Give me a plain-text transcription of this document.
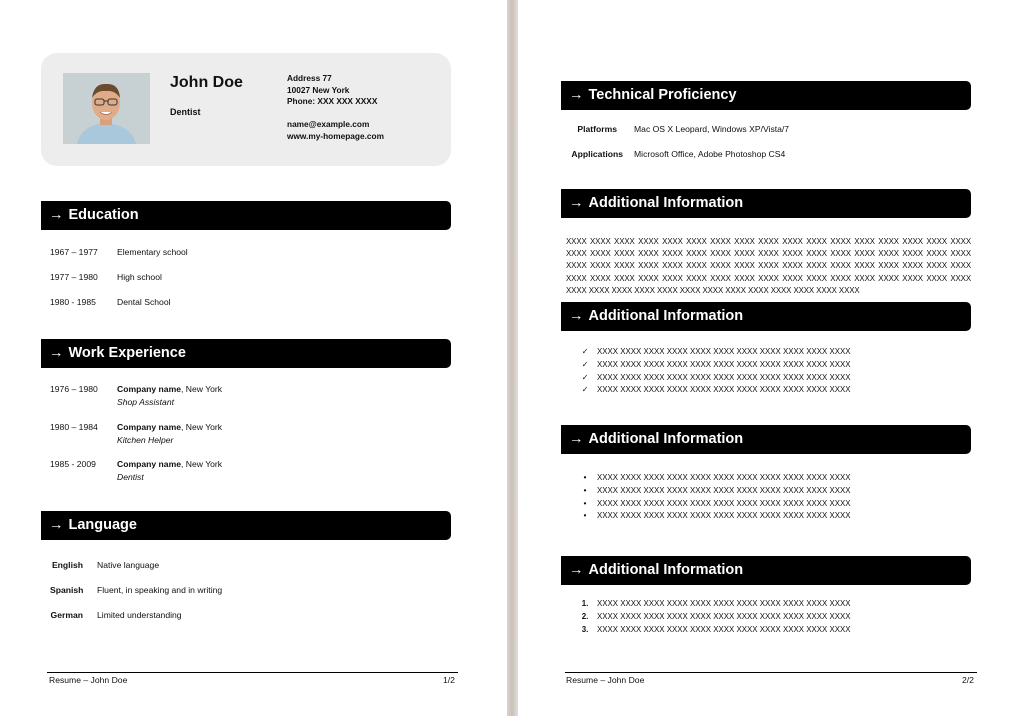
John Doe
Dentist
Address 77
10027 New York
Phone: XXX XXX XXXX
name@example.com
www.my-homepage.com
→ Education
1967 – 1977 Elementary school
1977 – 1980 High school
1980 - 1985 Dental School
→ Work Experience
1976 – 1980 Company name, New York
Shop Assistant
1980 – 1984 Company name, New York
Kitchen Helper
1985 - 2009 Company name, New York
Dentist
→ Language
English Native language
Spanish Fluent, in speaking and in writing
German Limited understanding
Resume – John Doe	1/2
→ Technical Proficiency
Platforms Mac OS X Leopard, Windows XP/Vista/7
Applications Microsoft Office, Adobe Photoshop CS4
→ Additional Information
XXXX XXXX XXXX XXXX XXXX XXXX XXXX XXXX XXXX XXXX XXXX XXXX XXXX XXXX XXXX XXXX XXXX XXXX XXXX XXXX XXXX XXXX XXXX XXXX XXXX XXXX XXXX XXXX XXXX XXXX XXXX XXXX XXXX XXXX XXXX XXXX XXXX XXXX XXXX XXXX XXXX XXXX XXXX XXXX XXXX XXXX XXXX XXXX XXXX XXXX XXXX XXXX XXXX XXXX XXXX XXXX XXXX XXXX XXXX XXXX XXXX XXXX XXXX XXXX XXXX XXXX XXXX XXXX XXXX XXXX XXXX XXXX XXXX XXXX XXXX XXXX XXXX XXXX XXXX XXXX XXXX
→ Additional Information
✓ XXXX XXXX XXXX XXXX XXXX XXXX XXXX XXXX XXXX XXXX XXXX
✓ XXXX XXXX XXXX XXXX XXXX XXXX XXXX XXXX XXXX XXXX XXXX
✓ XXXX XXXX XXXX XXXX XXXX XXXX XXXX XXXX XXXX XXXX XXXX
✓ XXXX XXXX XXXX XXXX XXXX XXXX XXXX XXXX XXXX XXXX XXXX
→ Additional Information
•	XXXX XXXX XXXX XXXX XXXX XXXX XXXX XXXX XXXX XXXX XXXX
•	XXXX XXXX XXXX XXXX XXXX XXXX XXXX XXXX XXXX XXXX XXXX
•	XXXX XXXX XXXX XXXX XXXX XXXX XXXX XXXX XXXX XXXX XXXX
•	XXXX XXXX XXXX XXXX XXXX XXXX XXXX XXXX XXXX XXXX XXXX
→ Additional Information
1. XXXX XXXX XXXX XXXX XXXX XXXX XXXX XXXX XXXX XXXX XXXX
2. XXXX XXXX XXXX XXXX XXXX XXXX XXXX XXXX XXXX XXXX XXXX
3. XXXX XXXX XXXX XXXX XXXX XXXX XXXX XXXX XXXX XXXX XXXX
Resume – John Doe	2/2
